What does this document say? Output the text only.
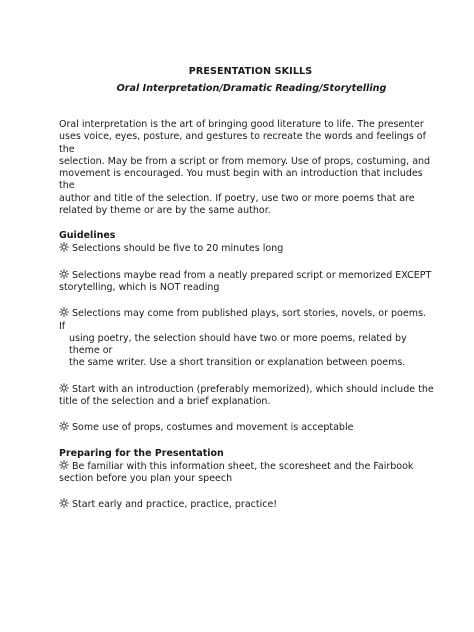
PRESENTATION SKILLS
Oral Interpretation/Dramatic Reading/Storytelling
Oral interpretation is the art of bringing good literature to life. The presenter
uses voice, eyes, posture, and gestures to recreate the words and feelings of the
selection. May be from a script or from memory. Use of props, costuming, and
movement is encouraged. You must begin with an introduction that includes the
author and title of the selection. If poetry, use two or more poems that are
related by theme or are by the same author.
Guidelines
Selections should be five to 20 minutes long
Selections maybe read from a neatly prepared script or memorized EXCEPT
storytelling, which is NOT reading
Selections may come from published plays, sort stories, novels, or poems. If
using poetry, the selection should have two or more poems, related by theme or
the same writer. Use a short transition or explanation between poems.
Start with an introduction (preferably memorized), which should include the
title of the selection and a brief explanation.
Some use of props, costumes and movement is acceptable
Preparing for the Presentation
Be familiar with this information sheet, the scoresheet and the Fairbook
section before you plan your speech
Start early and practice, practice, practice!
